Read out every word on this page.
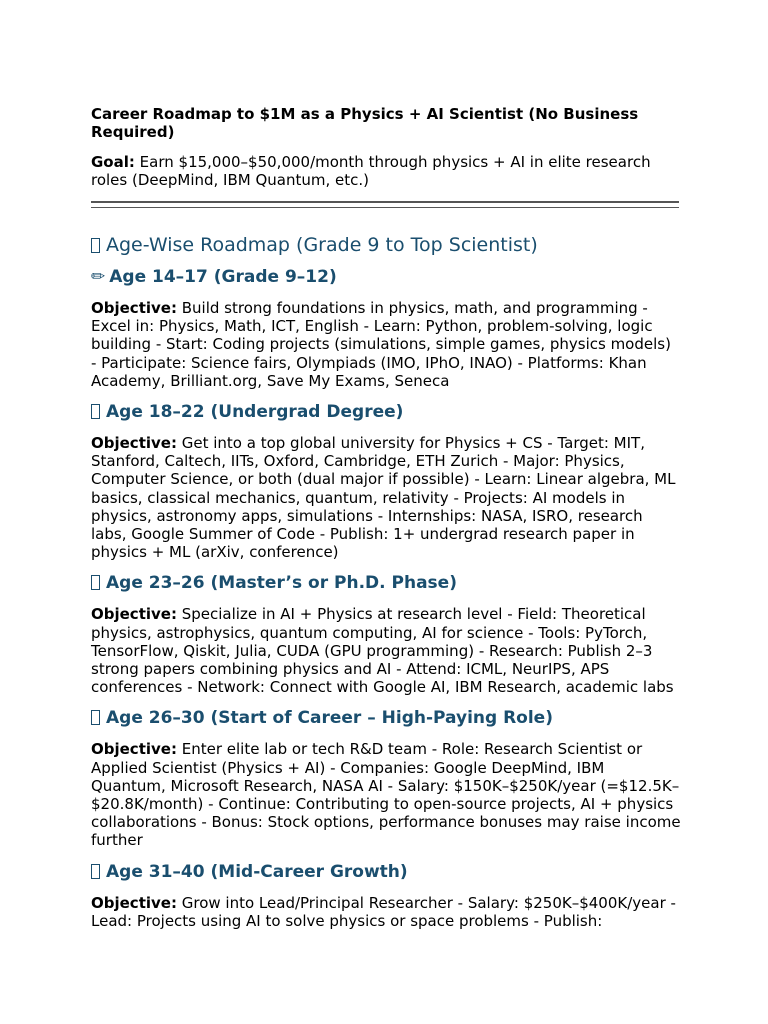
Career Roadmap to $1M as a Physics + AI Scientist (No Business Required)

Goal: Earn $15,000–$50,000/month through physics + AI in elite research roles (DeepMind, IBM Quantum, etc.)

Age-Wise Roadmap (Grade 9 to Top Scientist)
✏ Age 14–17 (Grade 9–12)

Objective: Build strong foundations in physics, math, and programming - Excel in: Physics, Math, ICT, English - Learn: Python, problem-solving, logic building - Start: Coding projects (simulations, simple games, physics models) - Participate: Science fairs, Olympiads (IMO, IPhO, INAO) - Platforms: Khan Academy, Brilliant.org, Save My Exams, Seneca

Age 18–22 (Undergrad Degree)

Objective: Get into a top global university for Physics + CS - Target: MIT, Stanford, Caltech, IITs, Oxford, Cambridge, ETH Zurich - Major: Physics, Computer Science, or both (dual major if possible) - Learn: Linear algebra, ML basics, classical mechanics, quantum, relativity - Projects: AI models in physics, astronomy apps, simulations - Internships: NASA, ISRO, research labs, Google Summer of Code - Publish: 1+ undergrad research paper in physics + ML (arXiv, conference)

Age 23–26 (Master’s or Ph.D. Phase)

Objective: Specialize in AI + Physics at research level - Field: Theoretical physics, astrophysics, quantum computing, AI for science - Tools: PyTorch, TensorFlow, Qiskit, Julia, CUDA (GPU programming) - Research: Publish 2–3 strong papers combining physics and AI - Attend: ICML, NeurIPS, APS conferences - Network: Connect with Google AI, IBM Research, academic labs

Age 26–30 (Start of Career – High-Paying Role)

Objective: Enter elite lab or tech R&D team - Role: Research Scientist or Applied Scientist (Physics + AI) - Companies: Google DeepMind, IBM Quantum, Microsoft Research, NASA AI - Salary: $150K–$250K/year (=$12.5K–$20.8K/month) - Continue: Contributing to open-source projects, AI + physics collaborations - Bonus: Stock options, performance bonuses may raise income further

Age 31–40 (Mid-Career Growth)

Objective: Grow into Lead/Principal Researcher - Salary: $250K–$400K/year - Lead: Projects using AI to solve physics or space problems - Publish:
